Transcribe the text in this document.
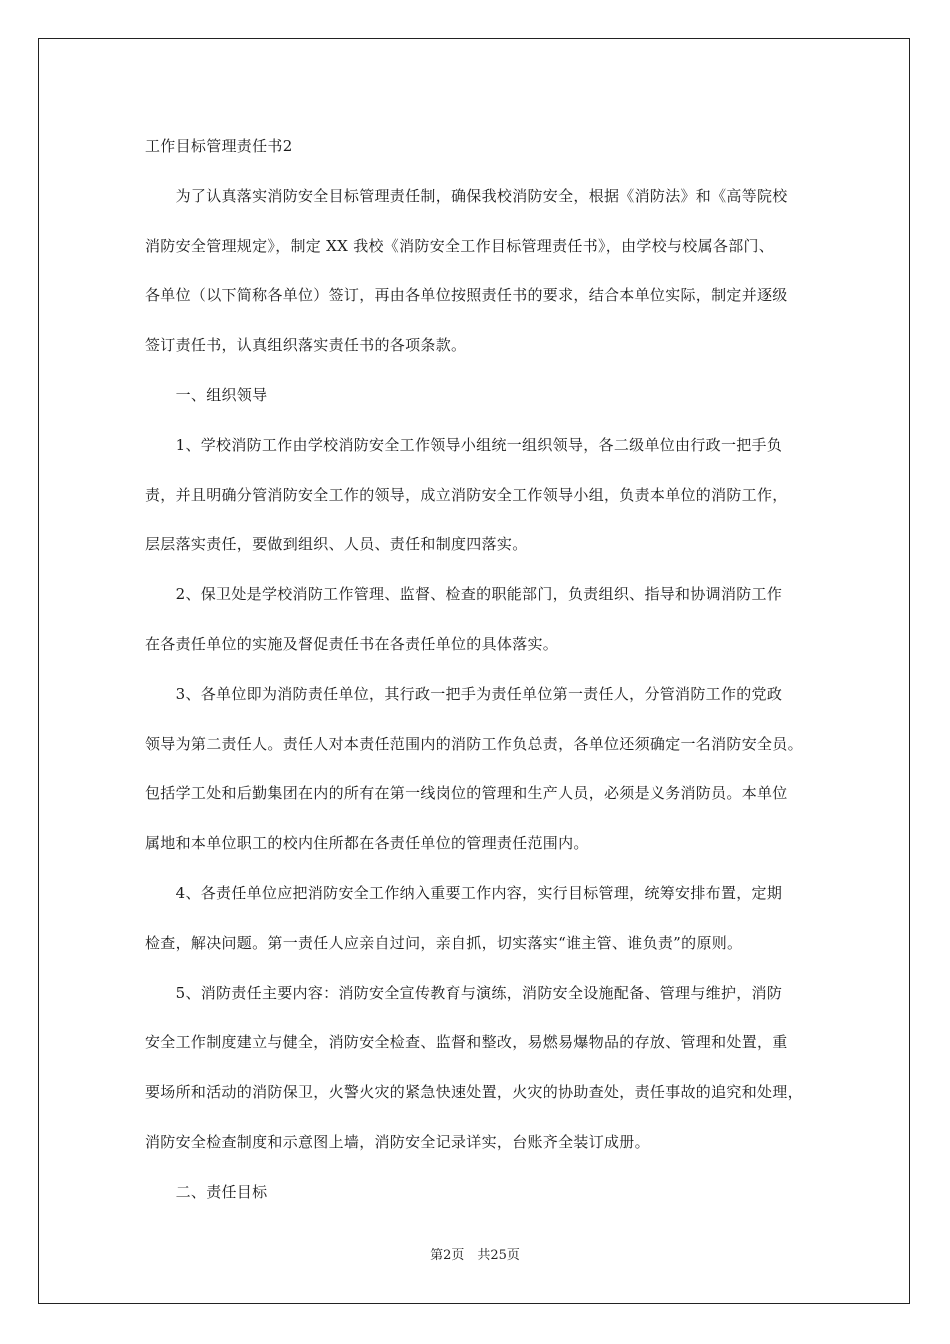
工作目标管理责任书2
　　为了认真落实消防安全目标管理责任制，确保我校消防安全，根据《消防法》和《高等院校
消防安全管理规定》，制定 XX 我校《消防安全工作目标管理责任书》，由学校与校属各部门、
各单位（以下简称各单位）签订，再由各单位按照责任书的要求，结合本单位实际，制定并逐级
签订责任书，认真组织落实责任书的各项条款。
　　一、组织领导
　　1、学校消防工作由学校消防安全工作领导小组统一组织领导，各二级单位由行政一把手负
责，并且明确分管消防安全工作的领导，成立消防安全工作领导小组，负责本单位的消防工作，
层层落实责任，要做到组织、人员、责任和制度四落实。
　　2、保卫处是学校消防工作管理、监督、检查的职能部门，负责组织、指导和协调消防工作
在各责任单位的实施及督促责任书在各责任单位的具体落实。
　　3、各单位即为消防责任单位，其行政一把手为责任单位第一责任人，分管消防工作的党政
领导为第二责任人。责任人对本责任范围内的消防工作负总责，各单位还须确定一名消防安全员。
包括学工处和后勤集团在内的所有在第一线岗位的管理和生产人员，必须是义务消防员。本单位
属地和本单位职工的校内住所都在各责任单位的管理责任范围内。
　　4、各责任单位应把消防安全工作纳入重要工作内容，实行目标管理，统筹安排布置，定期
检查，解决问题。第一责任人应亲自过问，亲自抓，切实落实“谁主管、谁负责”的原则。
　　5、消防责任主要内容：消防安全宣传教育与演练，消防安全设施配备、管理与维护，消防
安全工作制度建立与健全，消防安全检查、监督和整改，易燃易爆物品的存放、管理和处置，重
要场所和活动的消防保卫，火警火灾的紧急快速处置，火灾的协助查处，责任事故的追究和处理，
消防安全检查制度和示意图上墙，消防安全记录详实，台账齐全装订成册。
　　二、责任目标
第2页　共25页
